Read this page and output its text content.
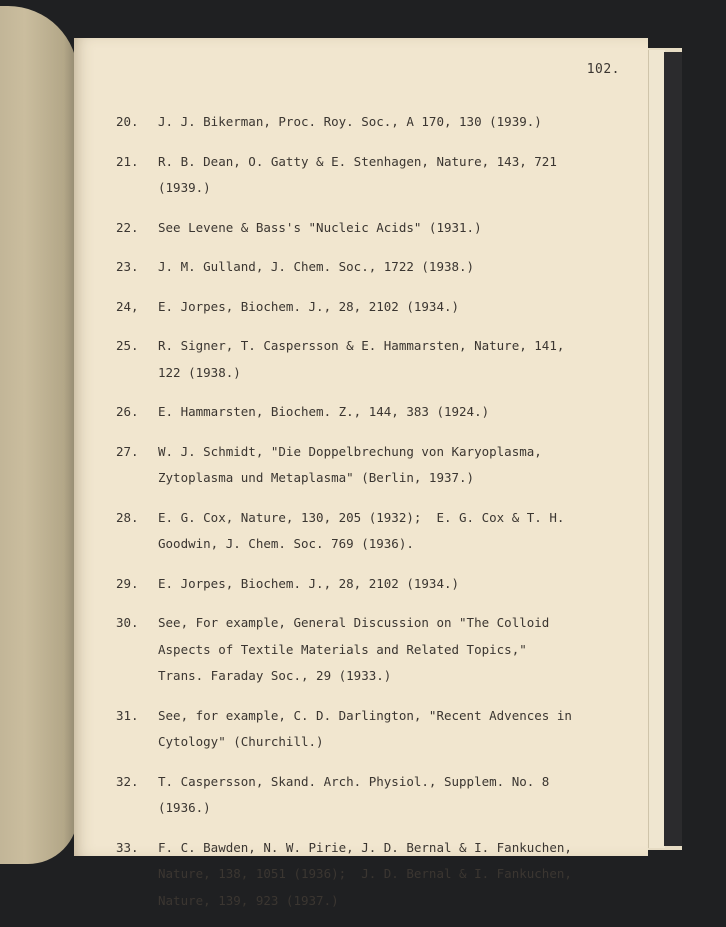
102.
20.	J. J. Bikerman, Proc. Roy. Soc., A 170, 130 (1939.)
21.	R. B. Dean, O. Gatty & E. Stenhagen, Nature, 143, 721
(1939.)
22.	See Levene & Bass's "Nucleic Acids" (1931.)
23.	J. M. Gulland, J. Chem. Soc., 1722 (1938.)
24,	E. Jorpes, Biochem. J., 28, 2102 (1934.)
25.	R. Signer, T. Caspersson & E. Hammarsten, Nature, 141,
122 (1938.)
26.	E. Hammarsten, Biochem. Z., 144, 383 (1924.)
27.	W. J. Schmidt, "Die Doppelbrechung von Karyoplasma,
Zytoplasma und Metaplasma" (Berlin, 1937.)
28.	E. G. Cox, Nature, 130, 205 (1932);  E. G. Cox & T. H.
Goodwin, J. Chem. Soc. 769 (1936).
29.	E. Jorpes, Biochem. J., 28, 2102 (1934.)
30.	See, For example, General Discussion on "The Colloid
Aspects of Textile Materials and Related Topics,"
Trans. Faraday Soc., 29 (1933.)
31.	See, for example, C. D. Darlington, "Recent Advences in
Cytology" (Churchill.)
32.	T. Caspersson, Skand. Arch. Physiol., Supplem. No. 8
(1936.)
33.	F. C. Bawden, N. W. Pirie, J. D. Bernal & I. Fankuchen,
Nature, 138, 1051 (1936);  J. D. Bernal & I. Fankuchen,
Nature, 139, 923 (1937.)
